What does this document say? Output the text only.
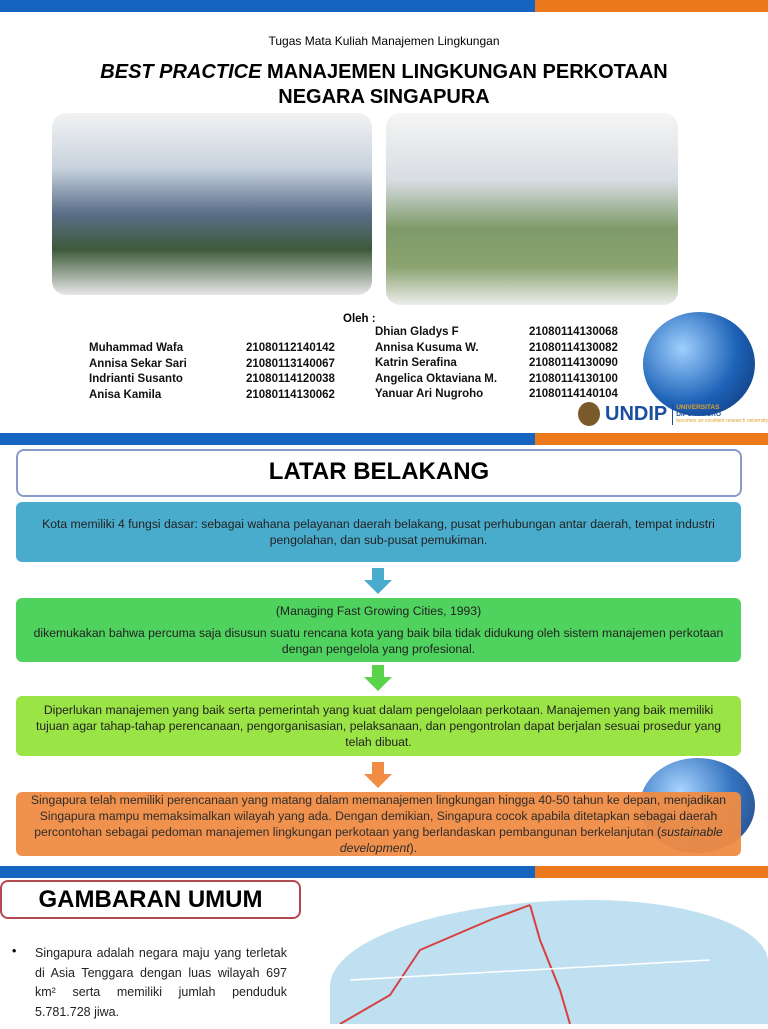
Tugas Mata Kuliah Manajemen Lingkungan
BEST PRACTICE MANAJEMEN LINGKUNGAN PERKOTAAN
NEGARA SINGAPURA
Oleh :
Muhammad Wafa	21080112140142
Annisa Sekar Sari	21080113140067
Indrianti Susanto	21080114120038
Anisa Kamila	21080114130062
Dhian Gladys F	21080114130068
Annisa Kusuma W.	21080114130082
Katrin Serafina	21080114130090
Angelica Oktaviana M.	21080114130100
Yanuar Ari Nugroho	21080114140104
UNDIP UNIVERSITAS
DIPONEGORO
becomes an excellent research university
LATAR BELAKANG
Kota memiliki 4 fungsi dasar: sebagai wahana pelayanan daerah belakang, pusat perhubungan antar daerah, tempat industri pengolahan, dan sub-pusat pemukiman.
(Managing Fast Growing Cities, 1993)
dikemukakan bahwa percuma saja disusun suatu rencana kota yang baik bila tidak didukung oleh sistem manajemen perkotaan dengan pengelola yang profesional.
Diperlukan manajemen yang baik serta pemerintah yang kuat dalam pengelolaan perkotaan. Manajemen yang baik memiliki tujuan agar tahap-tahap perencanaan, pengorganisasian, pelaksanaan, dan pengontrolan dapat berjalan sesuai prosedur yang telah dibuat.
Singapura telah memiliki perencanaan yang matang dalam memanajemen lingkungan hingga 40-50 tahun ke depan, menjadikan Singapura mampu memaksimalkan wilayah yang ada. Dengan demikian, Singapura cocok apabila ditetapkan sebagai daerah percontohan sebagai pedoman manajemen lingkungan perkotaan yang berlandaskan pembangunan berkelanjutan (sustainable development).
GAMBARAN UMUM
• Singapura adalah negara maju yang terletak di Asia Tenggara dengan luas wilayah 697 km² serta memiliki jumlah penduduk 5.781.728 jiwa.
